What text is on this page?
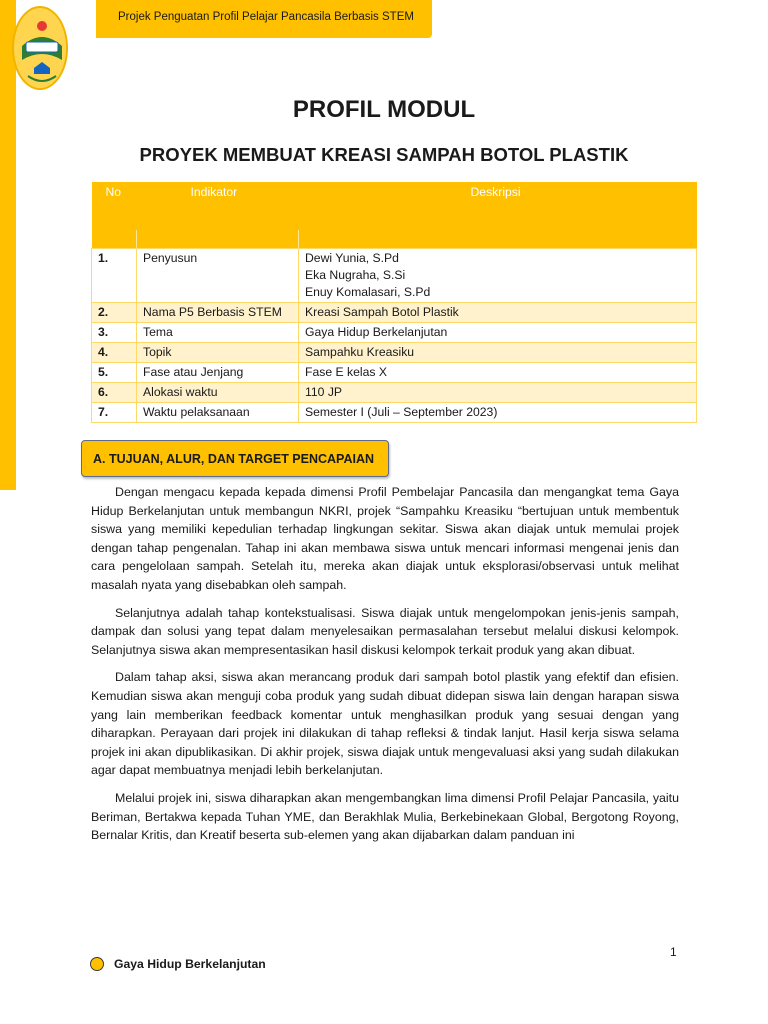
Projek Penguatan Profil Pelajar Pancasila Berbasis STEM
PROFIL MODUL
PROYEK MEMBUAT KREASI SAMPAH BOTOL PLASTIK
No	Indikator	Deskripsi

1.	Penyusun	Dewi Yunia, S.Pd
Eka Nugraha, S.Si
Enuy Komalasari, S.Pd

2.	Nama P5 Berbasis STEM	Kreasi Sampah Botol Plastik
3.	Tema	Gaya Hidup Berkelanjutan
4.	Topik	Sampahku Kreasiku
5.	Fase atau Jenjang	Fase E kelas X
6.	Alokasi waktu	110 JP
7.	Waktu pelaksanaan	Semester I (Juli – September 2023)
A. TUJUAN, ALUR, DAN TARGET PENCAPAIAN

Dengan mengacu kepada kepada dimensi Profil Pembelajar Pancasila dan mengangkat tema Gaya Hidup Berkelanjutan untuk membangun NKRI, projek “Sampahku Kreasiku “bertujuan untuk membentuk siswa yang memiliki kepedulian terhadap lingkungan sekitar. Siswa akan diajak untuk memulai projek dengan tahap pengenalan. Tahap ini akan membawa siswa untuk mencari informasi mengenai jenis dan cara pengelolaan sampah. Setelah itu, mereka akan diajak untuk eksplorasi/observasi untuk melihat masalah nyata yang disebabkan oleh sampah.

Selanjutnya adalah tahap kontekstualisasi. Siswa diajak untuk mengelompokan jenis-jenis sampah, dampak dan solusi yang tepat dalam menyelesaikan permasalahan tersebut melalui diskusi kelompok. Selanjutnya siswa akan mempresentasikan hasil diskusi kelompok terkait produk yang akan dibuat.

Dalam tahap aksi, siswa akan merancang produk dari sampah botol plastik yang efektif dan efisien. Kemudian siswa akan menguji coba produk yang sudah dibuat didepan siswa lain dengan harapan siswa yang lain memberikan feedback komentar untuk menghasilkan produk yang sesuai dengan yang diharapkan. Perayaan dari projek ini dilakukan di tahap refleksi & tindak lanjut. Hasil kerja siswa selama projek ini akan dipublikasikan. Di akhir projek, siswa diajak untuk mengevaluasi aksi yang sudah dilakukan agar dapat membuatnya menjadi lebih berkelanjutan.

Melalui projek ini, siswa diharapkan akan mengembangkan lima dimensi Profil Pelajar Pancasila, yaitu Beriman, Bertakwa kepada Tuhan YME, dan Berakhlak Mulia, Berkebinekaan Global, Bergotong Royong, Bernalar Kritis, dan Kreatif beserta sub-elemen yang akan dijabarkan dalam panduan ini

1
Gaya Hidup Berkelanjutan
